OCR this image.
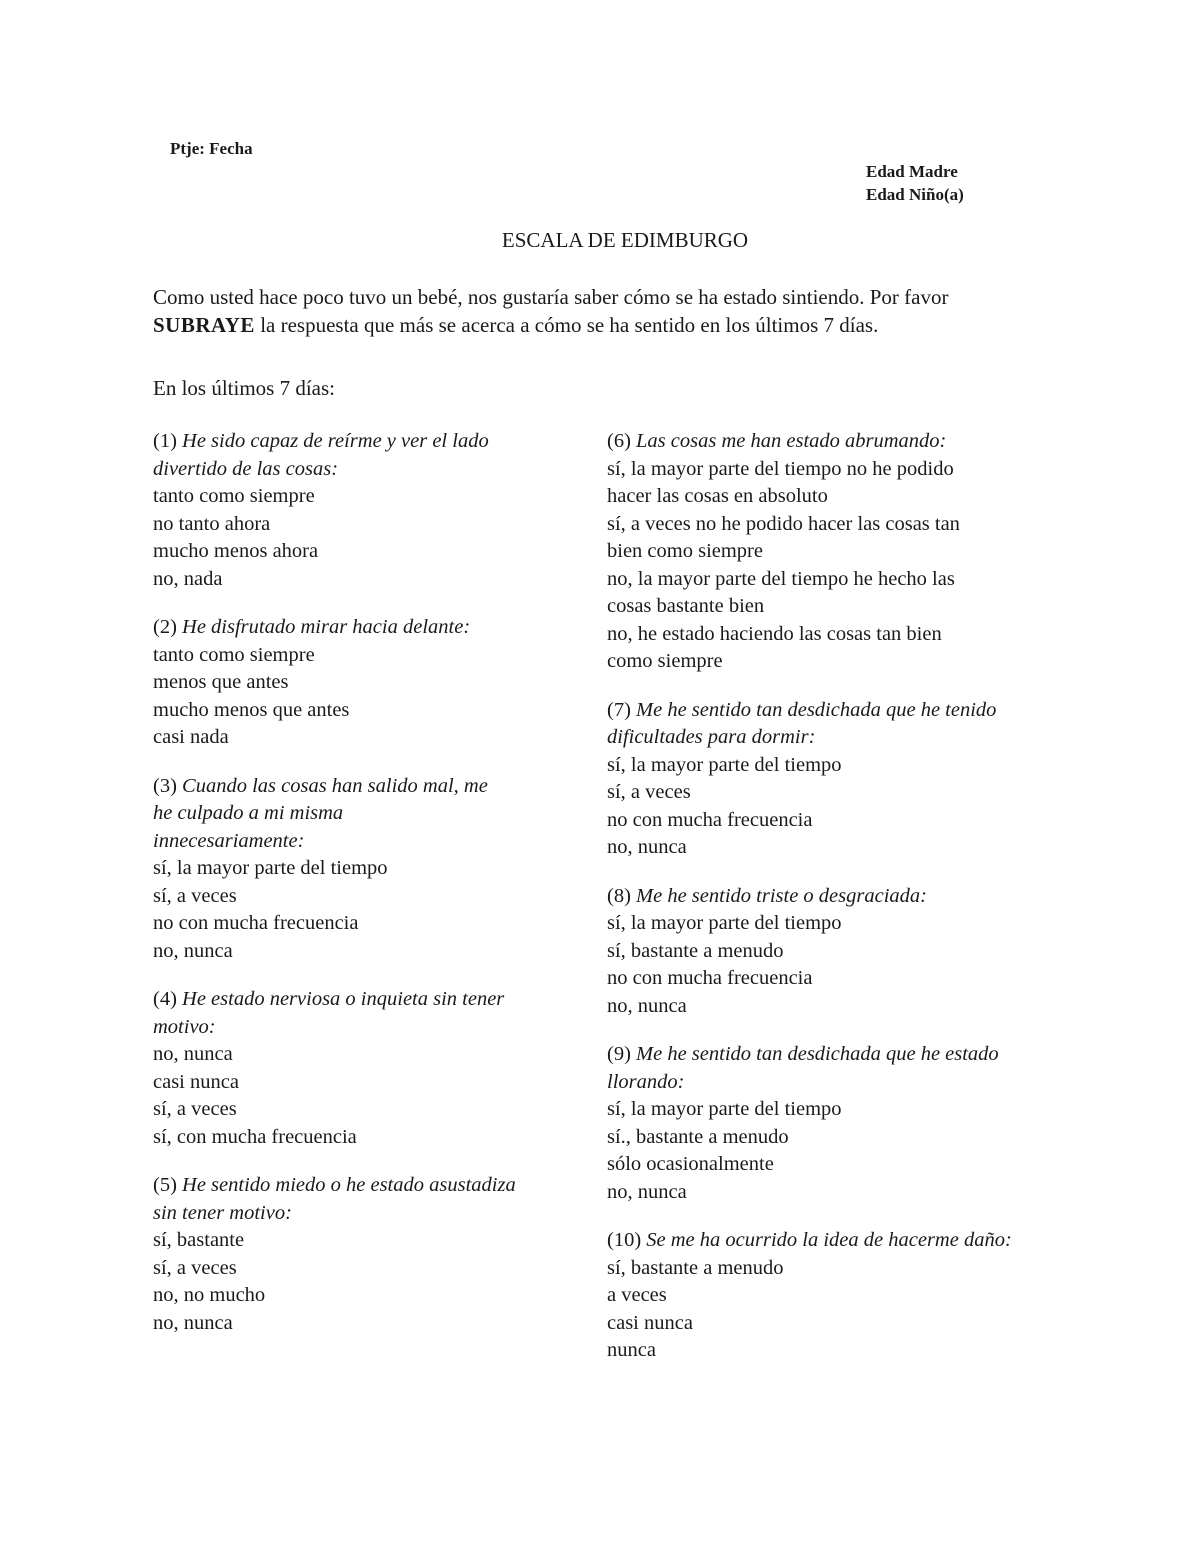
Ptje: Fecha
Edad Madre
Edad Niño(a)
ESCALA DE EDIMBURGO
Como usted hace poco tuvo un bebé, nos gustaría saber cómo se ha estado sintiendo. Por favor
SUBRAYE la respuesta que más se acerca a cómo se ha sentido en los últimos 7 días.
En los últimos 7 días:
(1) He sido capaz de reírme y ver el lado
divertido de las cosas:
tanto como siempre
no tanto ahora
mucho menos ahora
no, nada
(2) He disfrutado mirar hacia delante:
tanto como siempre
menos que antes
mucho menos que antes
casi nada
(3) Cuando las cosas han salido mal, me
he culpado a mi misma
innecesariamente:
sí, la mayor parte del tiempo
sí, a veces
no con mucha frecuencia
no, nunca
(4) He estado nerviosa o inquieta sin tener
motivo:
no, nunca
casi nunca
sí, a veces
sí, con mucha frecuencia
(5) He sentido miedo o he estado asustadiza
sin tener motivo:
sí, bastante
sí, a veces
no, no mucho
no, nunca
(6) Las cosas me han estado abrumando:
sí, la mayor parte del tiempo no he podido
hacer las cosas en absoluto
sí, a veces no he podido hacer las cosas tan
bien como siempre
no, la mayor parte del tiempo he hecho las
cosas bastante bien
no, he estado haciendo las cosas tan bien
como siempre
(7) Me he sentido tan desdichada que he tenido
dificultades para dormir:
sí, la mayor parte del tiempo
sí, a veces
no con mucha frecuencia
no, nunca
(8) Me he sentido triste o desgraciada:
sí, la mayor parte del tiempo
sí, bastante a menudo
no con mucha frecuencia
no, nunca
(9) Me he sentido tan desdichada que he estado
llorando:
sí, la mayor parte del tiempo
sí., bastante a menudo
sólo ocasionalmente
no, nunca
(10) Se me ha ocurrido la idea de hacerme daño:
sí, bastante a menudo
a veces
casi nunca
nunca
